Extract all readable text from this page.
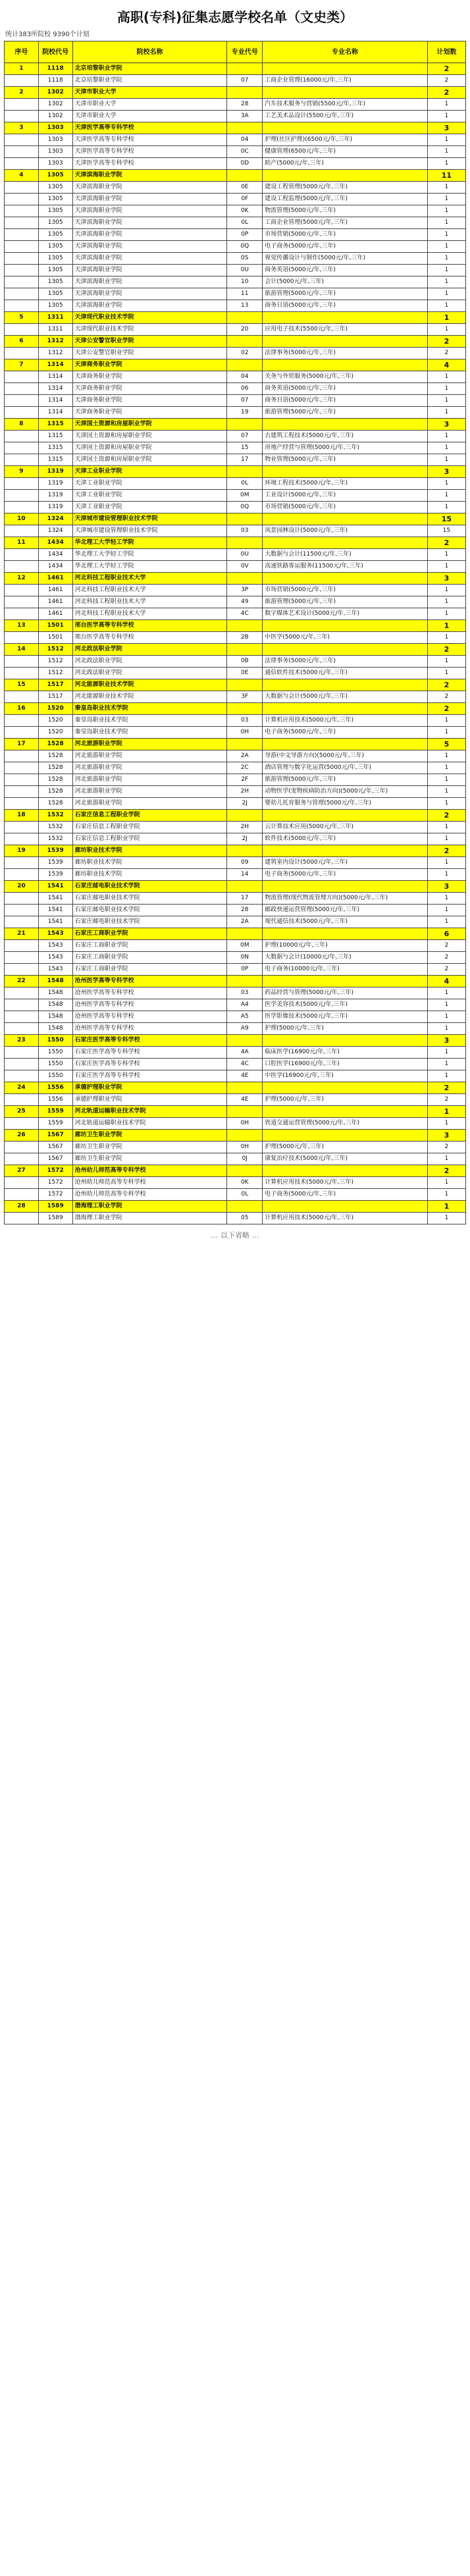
高职(专科)征集志愿学校名单（文史类）
统计383所院校 9390个计划
序号	院校代号	院校名称	专业代号	专业名称	计划数
1	1118	北京培黎职业学院			2
	1118	北京培黎职业学院	07	工商企业管理(16000元/年,三年)	2
2	1302	天津市职业大学			2
	1302	天津市职业大学	28	汽车技术服务与营销(5500元/年,三年)	1
	1302	天津市职业大学	3A	工艺美术品设计(5500元/年,三年)	1
3	1303	天津医学高等专科学校			3
	1303	天津医学高等专科学校	04	护理(社区护理)(6500元/年,三年)	1
	1303	天津医学高等专科学校	0C	健康管理(6500元/年,三年)	1
	1303	天津医学高等专科学校	0D	助产(5000元/年,三年)	1
4	1305	天津滨海职业学院			11
	1305	天津滨海职业学院	0E	建设工程管理(5000元/年,三年)	1
	1305	天津滨海职业学院	0F	建设工程监理(5000元/年,三年)	1
	1305	天津滨海职业学院	0K	物流管理(5000元/年,三年)	1
	1305	天津滨海职业学院	0L	工商企业管理(5000元/年,三年)	1
	1305	天津滨海职业学院	0P	市场营销(5000元/年,三年)	1
	1305	天津滨海职业学院	0Q	电子商务(5000元/年,三年)	1
	1305	天津滨海职业学院	0S	视觉传播设计与制作(5000元/年,三年)	1
	1305	天津滨海职业学院	0U	商务英语(5000元/年,三年)	1
	1305	天津滨海职业学院	10	会计(5000元/年,三年)	1
	1305	天津滨海职业学院	11	旅游管理(5000元/年,三年)	1
	1305	天津滨海职业学院	13	商务日语(5000元/年,三年)	1
5	1311	天津现代职业技术学院			1
	1311	天津现代职业技术学院	20	应用电子技术(5500元/年,三年)	1
6	1312	天津公安警官职业学院			2
	1312	天津公安警官职业学院	02	法律事务(5000元/年,三年)	2
7	1314	天津商务职业学院			4
	1314	天津商务职业学院	04	关务与外贸服务(5000元/年,三年)	1
	1314	天津商务职业学院	06	商务英语(5000元/年,三年)	1
	1314	天津商务职业学院	07	商务日语(5000元/年,三年)	1
	1314	天津商务职业学院	19	旅游管理(5000元/年,三年)	1
8	1315	天津国土资源和房屋职业学院			3
	1315	天津国土资源和房屋职业学院	07	古建筑工程技术(5000元/年,三年)	1
	1315	天津国土资源和房屋职业学院	15	房地产经营与管理(5000元/年,三年)	1
	1315	天津国土资源和房屋职业学院	17	物业管理(5000元/年,三年)	1
9	1319	天津工业职业学院			3
	1319	天津工业职业学院	0L	环境工程技术(5000元/年,三年)	1
	1319	天津工业职业学院	0M	工业设计(5000元/年,三年)	1
	1319	天津工业职业学院	0Q	市场营销(5000元/年,三年)	1
10	1324	天津城市建设管理职业技术学院			15
	1324	天津城市建设管理职业技术学院	03	风景园林设计(5000元/年,三年)	15
11	1434	华北理工大学轻工学院			2
	1434	华北理工大学轻工学院	0U	大数据与会计(11500元/年,三年)	1
	1434	华北理工大学轻工学院	0V	高速铁路客运服务(11500元/年,三年)	1
12	1461	河北科技工程职业技术大学			3
	1461	河北科技工程职业技术大学	3P	市场营销(5000元/年,三年)	1
	1461	河北科技工程职业技术大学	49	旅游管理(5000元/年,三年)	1
	1461	河北科技工程职业技术大学	4C	数字媒体艺术设计(5000元/年,三年)	1
13	1501	邢台医学高等专科学校			1
	1501	邢台医学高等专科学校	2B	中医学(5000元/年,三年)	1
14	1512	河北政法职业学院			2
	1512	河北政法职业学院	0B	法律事务(5000元/年,三年)	1
	1512	河北政法职业学院	0E	通信软件技术(5000元/年,三年)	1
15	1517	河北能源职业技术学院			2
	1517	河北能源职业技术学院	3F	大数据与会计(5000元/年,三年)	2
16	1520	秦皇岛职业技术学院			2
	1520	秦皇岛职业技术学院	03	计算机应用技术(5000元/年,三年)	1
	1520	秦皇岛职业技术学院	0H	电子商务(5000元/年,三年)	1
17	1528	河北旅游职业学院			5
	1528	河北旅游职业学院	2A	导游(中文导游方向)(5000元/年,三年)	1
	1528	河北旅游职业学院	2C	酒店管理与数字化运营(5000元/年,三年)	1
	1528	河北旅游职业学院	2F	旅游管理(5000元/年,三年)	1
	1528	河北旅游职业学院	2H	动物医学(宠物疾病防治方向)(5000元/年,三年)	1
	1528	河北旅游职业学院	2J	婴幼儿托育服务与管理(5000元/年,三年)	1
18	1532	石家庄信息工程职业学院			2
	1532	石家庄信息工程职业学院	2H	云计算技术应用(5000元/年,三年)	1
	1532	石家庄信息工程职业学院	2J	软件技术(5000元/年,三年)	1
19	1539	廊坊职业技术学院			2
	1539	廊坊职业技术学院	09	建筑室内设计(5000元/年,三年)	1
	1539	廊坊职业技术学院	14	电子商务(5000元/年,三年)	1
20	1541	石家庄邮电职业技术学院			3
	1541	石家庄邮电职业技术学院	17	物流管理(现代物流管理方向)(5000元/年,三年)	1
	1541	石家庄邮电职业技术学院	28	邮政快递运营管理(5000元/年,三年)	1
	1541	石家庄邮电职业技术学院	2A	现代通信技术(5000元/年,三年)	1
21	1543	石家庄工商职业学院			6
	1543	石家庄工商职业学院	0M	护理(10000元/年,三年)	2
	1543	石家庄工商职业学院	0N	大数据与会计(10000元/年,三年)	2
	1543	石家庄工商职业学院	0P	电子商务(10000元/年,三年)	2
22	1548	沧州医学高等专科学校			4
	1548	沧州医学高等专科学校	03	药品经营与管理(5000元/年,三年)	1
	1548	沧州医学高等专科学校	A4	医学美容技术(5000元/年,三年)	1
	1548	沧州医学高等专科学校	A5	医学影像技术(5000元/年,三年)	1
	1548	沧州医学高等专科学校	A9	护理(5000元/年,三年)	1
23	1550	石家庄医学高等专科学校			3
	1550	石家庄医学高等专科学校	4A	临床医学(16900元/年,三年)	1
	1550	石家庄医学高等专科学校	4C	口腔医学(16900元/年,三年)	1
	1550	石家庄医学高等专科学校	4E	中医学(16900元/年,三年)	1
24	1556	承德护理职业学院			2
	1556	承德护理职业学院	4E	护理(5000元/年,三年)	2
25	1559	河北轨道运输职业技术学院			1
	1559	河北轨道运输职业技术学院	0H	铁道交通运营管理(5000元/年,三年)	1
26	1567	廊坊卫生职业学院			3
	1567	廊坊卫生职业学院	0H	护理(5000元/年,三年)	2
	1567	廊坊卫生职业学院	0J	康复治疗技术(5000元/年,三年)	1
27	1572	沧州幼儿师范高等专科学校			2
	1572	沧州幼儿师范高等专科学校	0K	计算机应用技术(5000元/年,三年)	1
	1572	沧州幼儿师范高等专科学校	0L	电子商务(5000元/年,三年)	1
28	1589	渤海理工职业学院			1
	1589	渤海理工职业学院	05	计算机应用技术(5000元/年,三年)	1
… 以下省略 …
